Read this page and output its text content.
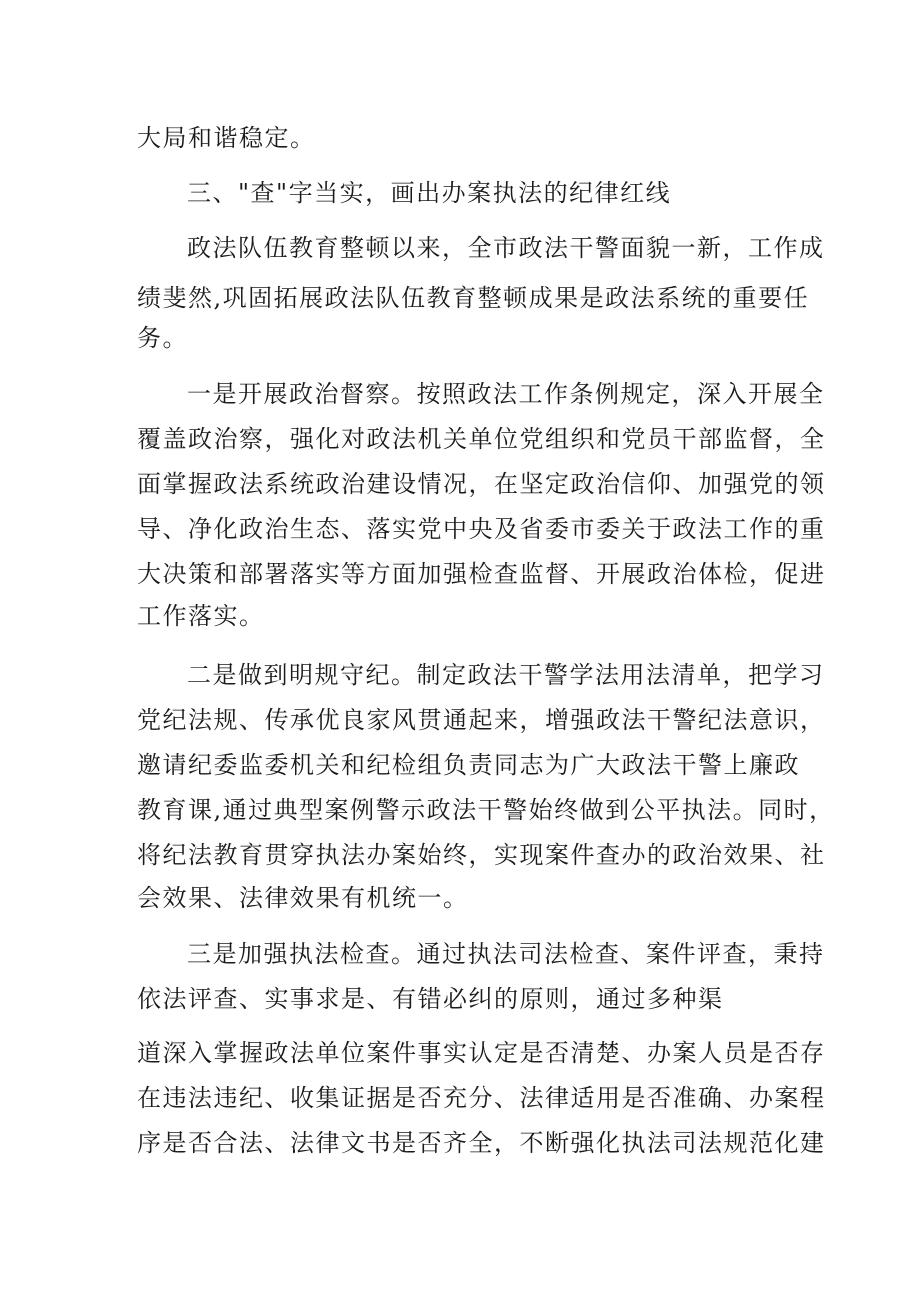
大局和谐稳定。
三、"查"字当实，画出办案执法的纪律红线
政法队伍教育整顿以来，全市政法干警面貌一新，工作成
绩斐然,巩固拓展政法队伍教育整顿成果是政法系统的重要任
务。
一是开展政治督察。按照政法工作条例规定，深入开展全
覆盖政治察，强化对政法机关单位党组织和党员干部监督，全
面掌握政法系统政治建设情况，在坚定政治信仰、加强党的领
导、净化政治生态、落实党中央及省委市委关于政法工作的重
大决策和部署落实等方面加强检查监督、开展政治体检，促进
工作落实。
二是做到明规守纪。制定政法干警学法用法清单，把学习
党纪法规、传承优良家风贯通起来，增强政法干警纪法意识，
邀请纪委监委机关和纪检组负责同志为广大政法干警上廉政
教育课,通过典型案例警示政法干警始终做到公平执法。同时，
将纪法教育贯穿执法办案始终，实现案件查办的政治效果、社
会效果、法律效果有机统一。
三是加强执法检查。通过执法司法检查、案件评查，秉持
依法评查、实事求是、有错必纠的原则，通过多种渠
道深入掌握政法单位案件事实认定是否清楚、办案人员是否存
在违法违纪、收集证据是否充分、法律适用是否准确、办案程
序是否合法、法律文书是否齐全，不断强化执法司法规范化建
